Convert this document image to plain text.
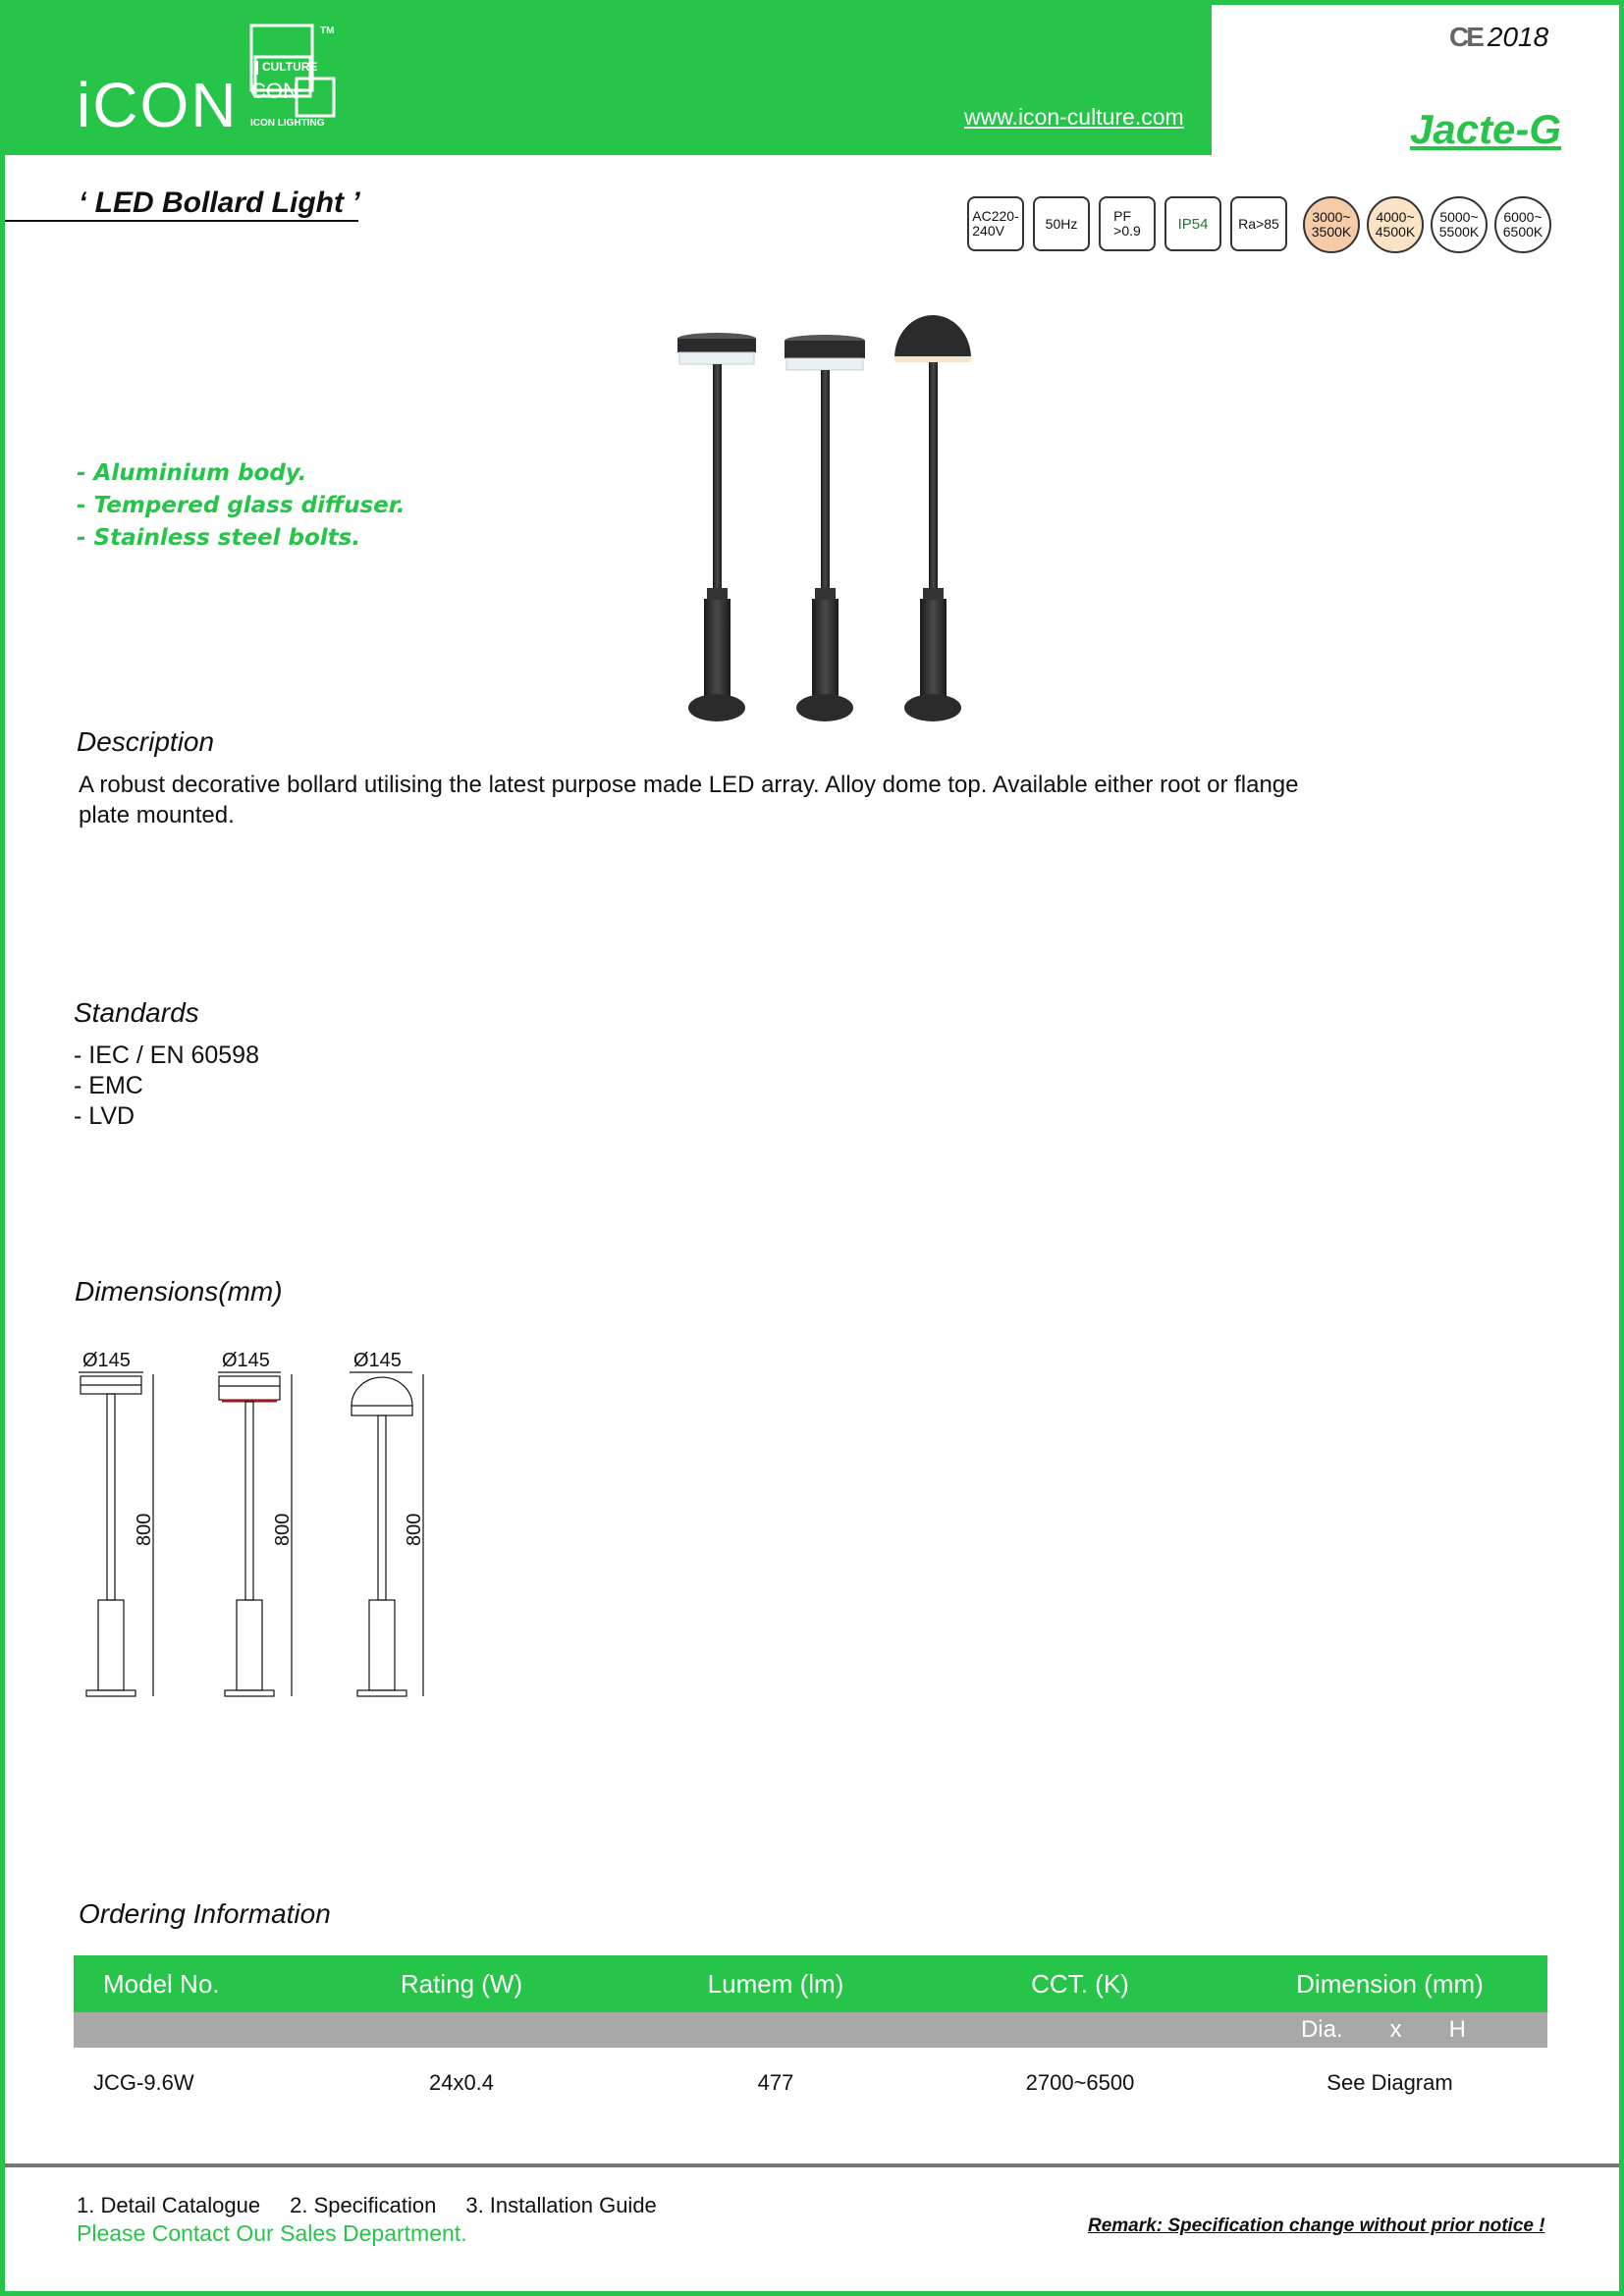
iCON
CULTURE
CON
TM
ICON LIGHTING	www.icon-culture.com
CE 2018
Jacte-G
‘ LED Bollard Light ’	AC220-
240V	50Hz	PF
>0.9	IP54	Ra>85	3000~
3500K
4000~
4500K
5000~
5500K
6000~
6500K
- Aluminium body.
- Tempered glass diffuser.
- Stainless steel bolts.
Description
A robust decorative bollard utilising the latest purpose made LED array. Alloy dome top. Available either root or flange plate mounted.
Standards
- IEC / EN 60598
- EMC
- LVD
Dimensions(mm)
Ø145	Ø145	Ø145
800	800	800
Ordering Information
Model No.	Rating (W)	Lumem (lm)	CCT. (K)	Dimension (mm)
Dia. x H
JCG-9.6W	24x0.4	477	2700~6500	See Diagram
1. Detail Catalogue 2. Specification 3. Installation Guide
Please Contact Our Sales Department.	Remark: Specification change without prior notice !
